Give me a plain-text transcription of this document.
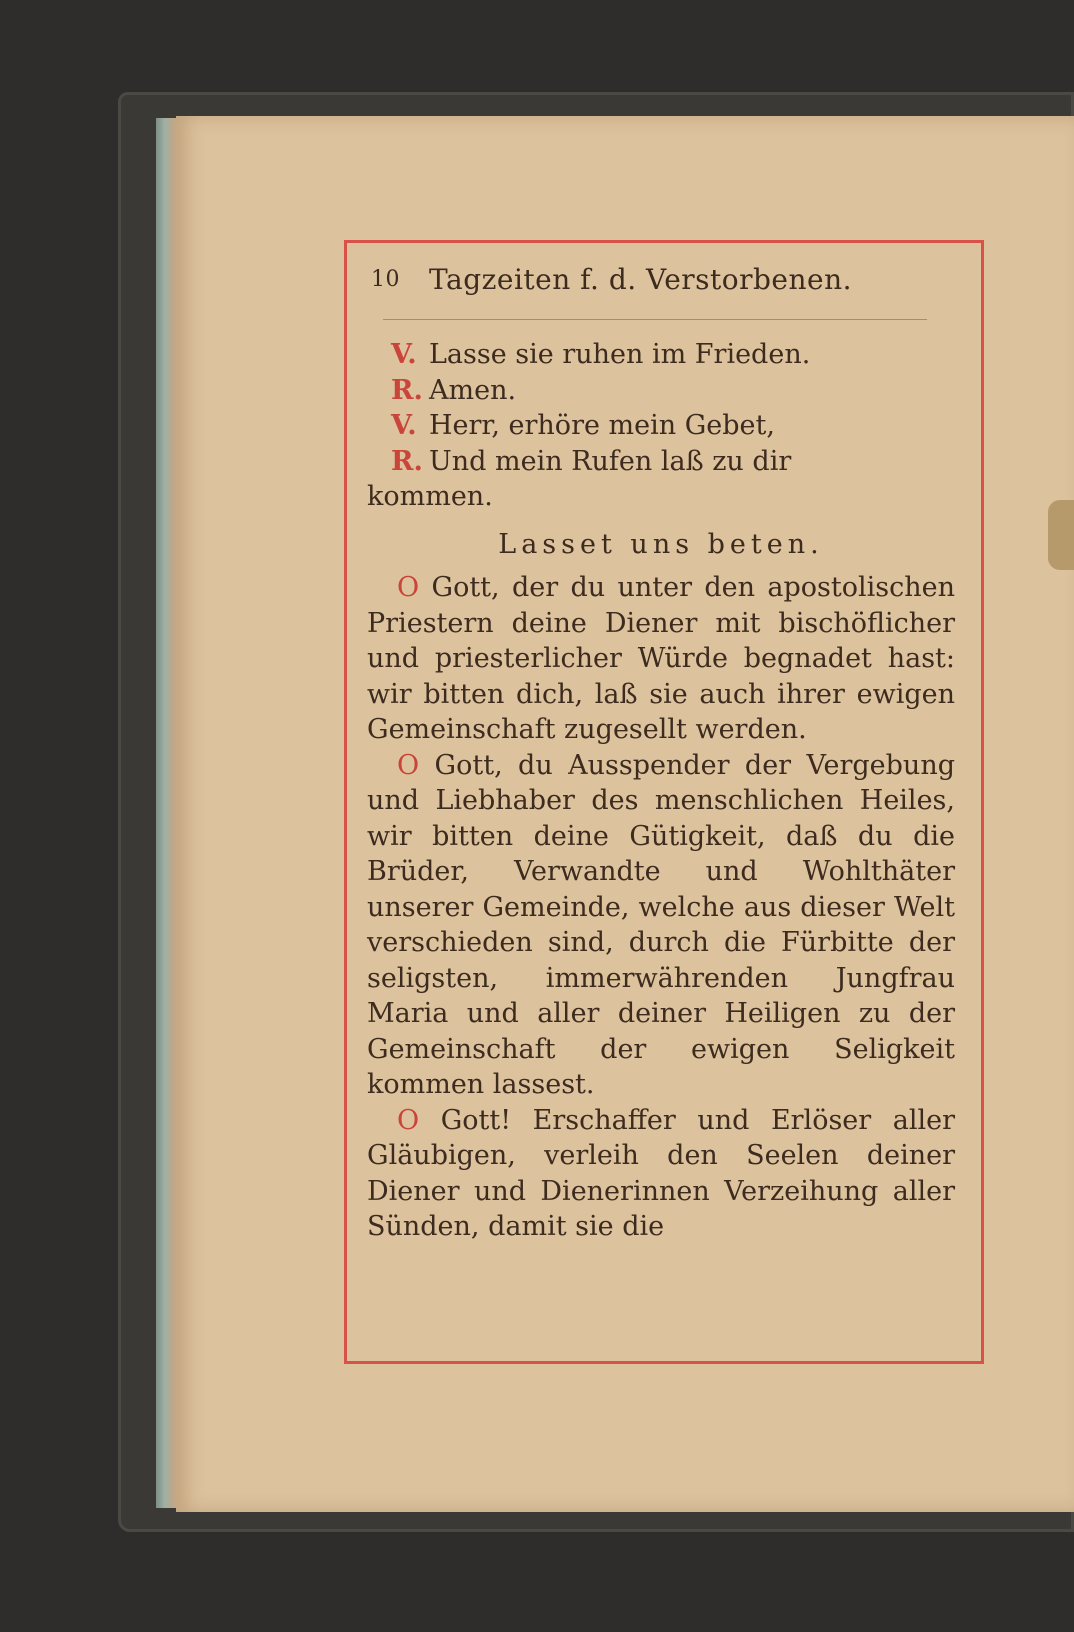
10 Tagzeiten f. d. Verstorbenen.

V. Lasse sie ruhen im Frieden.

R. Amen.

V. Herr, erhöre mein Gebet,

R. Und mein Rufen laß zu dir

kommen.

Lasset uns beten.

O Gott, der du unter den apostolischen Priestern deine Diener mit bischöflicher und priesterlicher Würde begnadet hast: wir bitten dich, laß sie auch ihrer ewigen Gemeinschaft zugesellt werden.

O Gott, du Ausspender der Vergebung und Liebhaber des menschlichen Heiles, wir bitten deine Gütigkeit, daß du die Brüder, Verwandte und Wohlthäter unserer Gemeinde, welche aus dieser Welt verschieden sind, durch die Fürbitte der seligsten, immerwährenden Jungfrau Maria und aller deiner Heiligen zu der Gemeinschaft der ewigen Seligkeit kommen lassest.

O Gott! Erschaffer und Erlöser aller Gläubigen, verleih den Seelen deiner Diener und Dienerinnen Verzeihung aller Sünden, damit sie die
